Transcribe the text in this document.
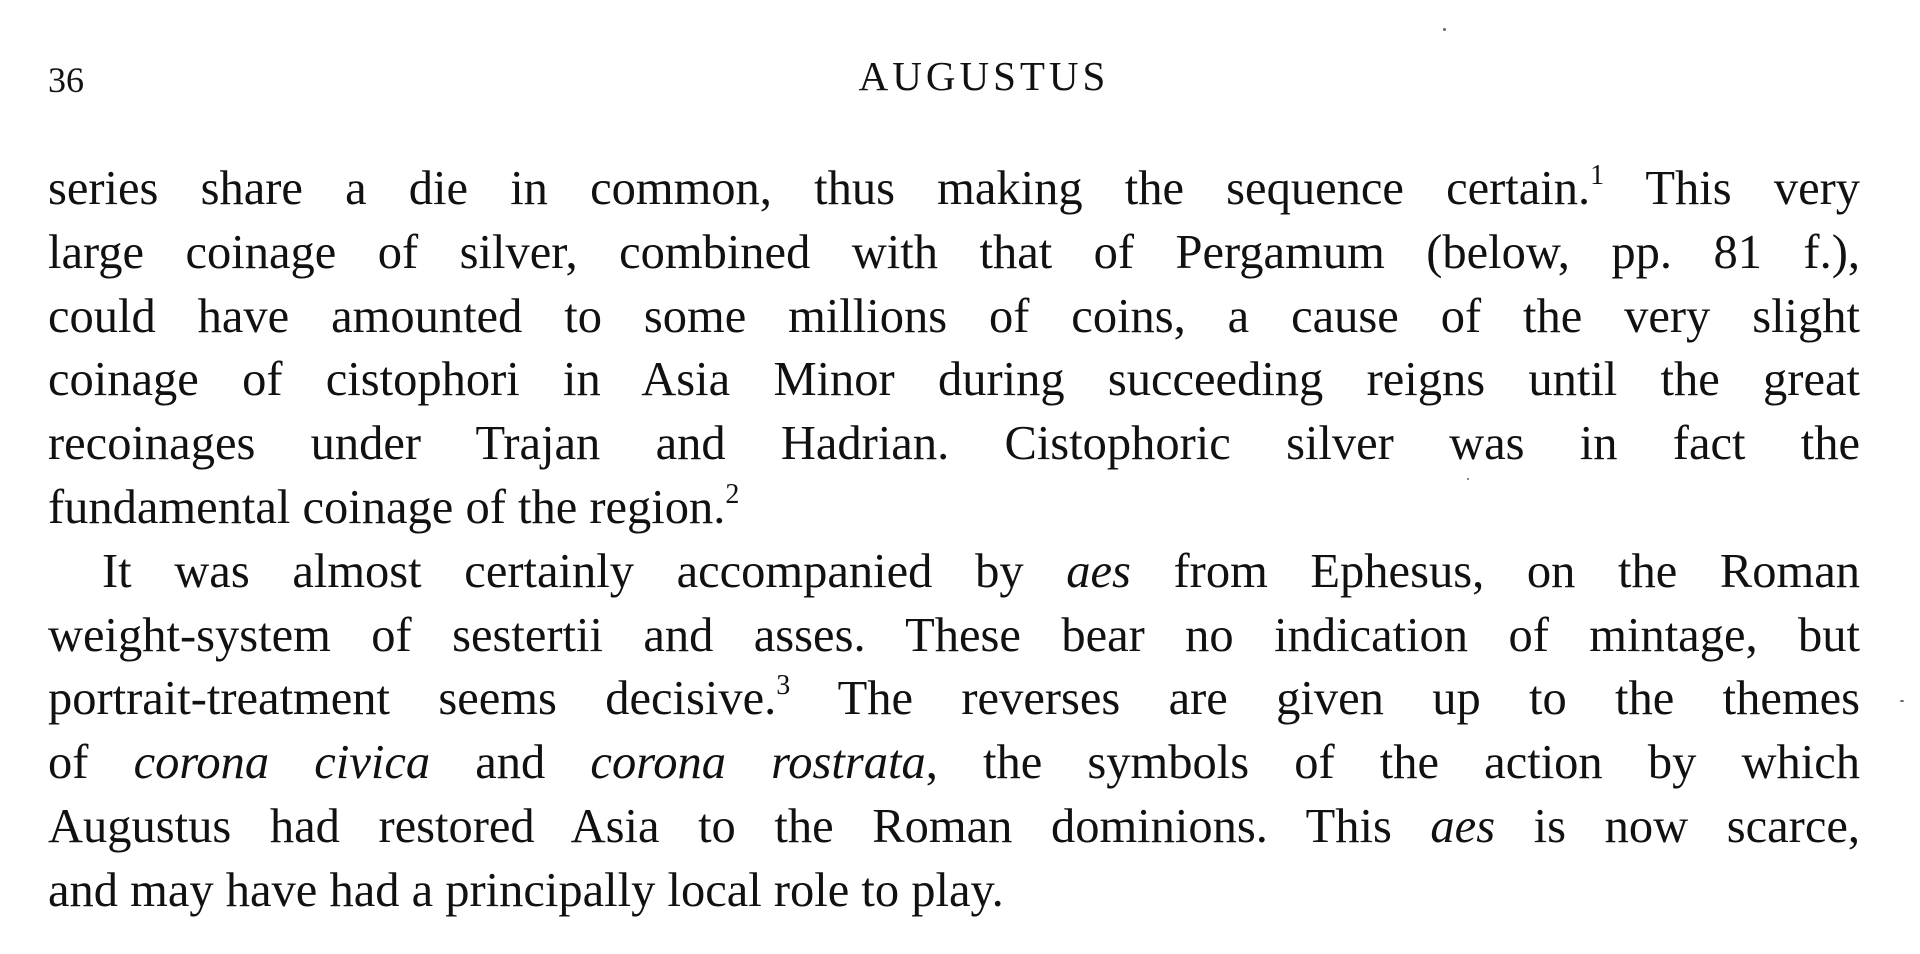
36	AUGUSTUS
series share a die in common, thus making the sequence certain.$^1$ This very
large coinage of silver, combined with that of Pergamum (below, pp. 81 f.),
could have amounted to some millions of coins, a cause of the very slight
coinage of cistophori in Asia Minor during succeeding reigns until the great
recoinages under Trajan and Hadrian. Cistophoric silver was in fact the
fundamental coinage of the region.$^2$
It was almost certainly accompanied by aes from Ephesus, on the Roman
weight-system of sestertii and asses. These bear no indication of mintage, but
portrait-treatment seems decisive.$^3$ The reverses are given up to the themes
of corona civica and corona rostrata, the symbols of the action by which
Augustus had restored Asia to the Roman dominions. This aes is now scarce,
and may have had a principally local role to play.
